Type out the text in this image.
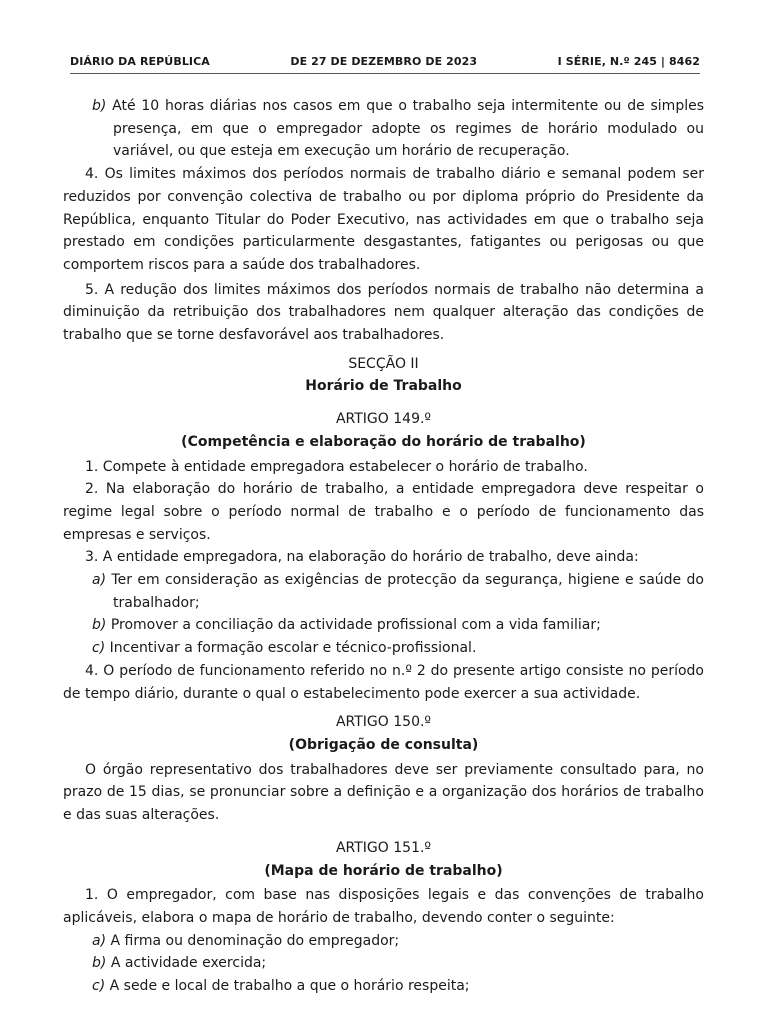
DIÁRIO DA REPÚBLICA	DE 27 DE DEZEMBRO DE 2023	I SÉRIE, N.º 245 | 8462

b) Até 10 horas diárias nos casos em que o trabalho seja intermitente ou de simples presença, em que o empregador adopte os regimes de horário modulado ou variável, ou que esteja em execução um horário de recuperação.

4. Os limites máximos dos períodos normais de trabalho diário e semanal podem ser reduzidos por convenção colectiva de trabalho ou por diploma próprio do Presidente da República, enquanto Titular do Poder Executivo, nas actividades em que o trabalho seja prestado em condições particularmente desgastantes, fatigantes ou perigosas ou que comportem riscos para a saúde dos trabalhadores.

5. A redução dos limites máximos dos períodos normais de trabalho não determina a diminuição da retribuição dos trabalhadores nem qualquer alteração das condições de trabalho que se torne desfavorável aos trabalhadores.

SECÇÃO II

Horário de Trabalho

ARTIGO 149.º

(Competência e elaboração do horário de trabalho)

1. Compete à entidade empregadora estabelecer o horário de trabalho.

2. Na elaboração do horário de trabalho, a entidade empregadora deve respeitar o regime legal sobre o período normal de trabalho e o período de funcionamento das empresas e serviços.

3. A entidade empregadora, na elaboração do horário de trabalho, deve ainda:

a) Ter em consideração as exigências de protecção da segurança, higiene e saúde do trabalhador;

b) Promover a conciliação da actividade profissional com a vida familiar;

c) Incentivar a formação escolar e técnico-profissional.

4. O período de funcionamento referido no n.º 2 do presente artigo consiste no período de tempo diário, durante o qual o estabelecimento pode exercer a sua actividade.

ARTIGO 150.º

(Obrigação de consulta)

O órgão representativo dos trabalhadores deve ser previamente consultado para, no prazo de 15 dias, se pronunciar sobre a definição e a organização dos horários de trabalho e das suas alterações.

ARTIGO 151.º

(Mapa de horário de trabalho)

1. O empregador, com base nas disposições legais e das convenções de trabalho aplicáveis, elabora o mapa de horário de trabalho, devendo conter o seguinte:

a) A firma ou denominação do empregador;

b) A actividade exercida;

c) A sede e local de trabalho a que o horário respeita;
